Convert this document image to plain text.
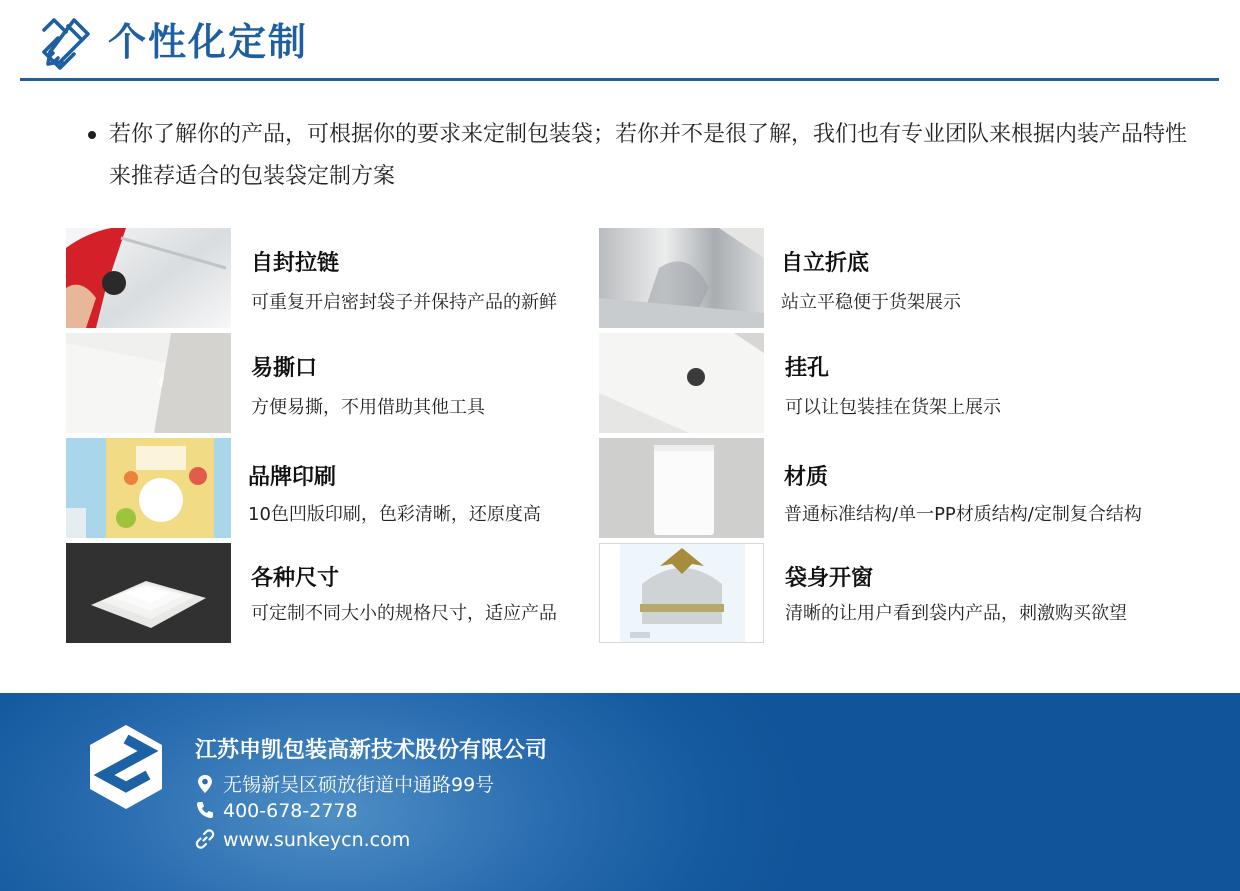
个性化定制
若你了解你的产品，可根据你的要求来定制包装袋；若你并不是很了解，我们也有专业团队来根据内装产品特性来推荐适合的包装袋定制方案
自封拉链
可重复开启密封袋子并保持产品的新鲜
自立折底
站立平稳便于货架展示
易撕口
方便易撕，不用借助其他工具
挂孔
可以让包装挂在货架上展示
品牌印刷
10色凹版印刷，色彩清晰，还原度高
材质
普通标准结构/单一PP材质结构/定制复合结构
各种尺寸
可定制不同大小的规格尺寸，适应产品
袋身开窗
清晰的让用户看到袋内产品，刺激购买欲望
江苏申凯包装高新技术股份有限公司
无锡新吴区硕放街道中通路99号
400-678-2778
www.sunkeycn.com
